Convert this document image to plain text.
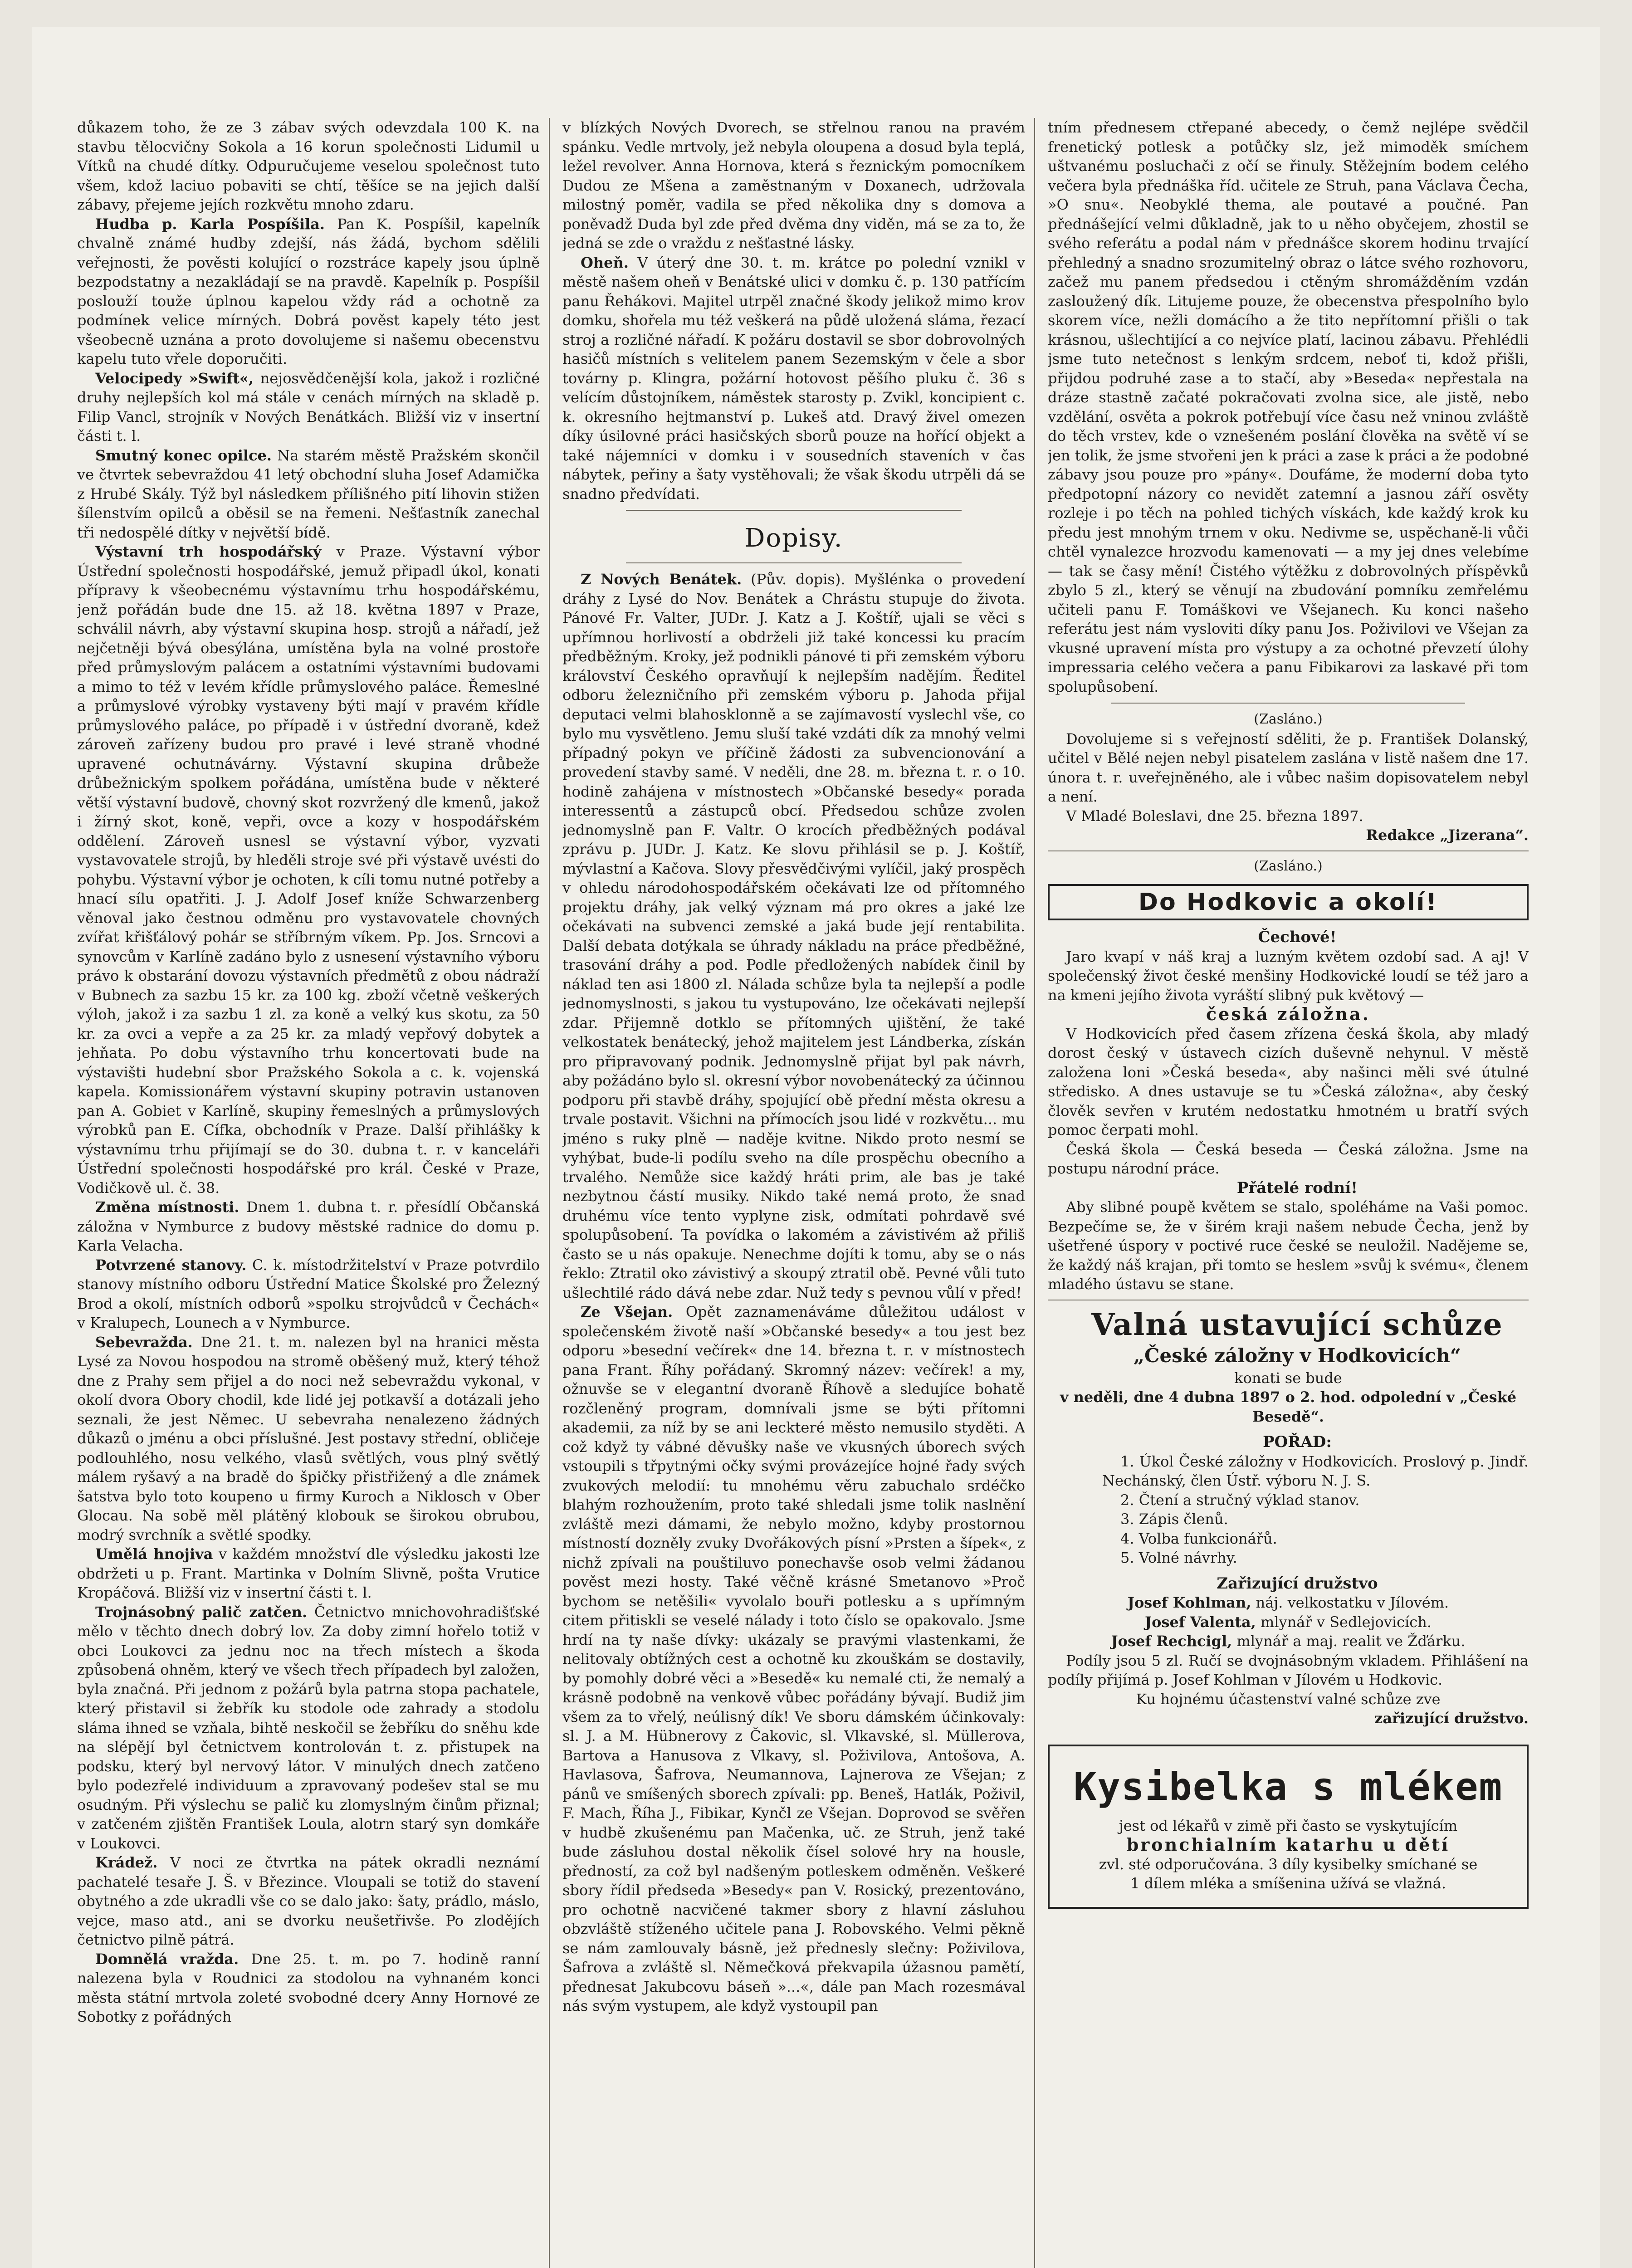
důkazem toho, že ze 3 zábav svých odevzdala 100 K. na stavbu tělocvičny Sokola a 16 korun společnosti Lidumil u Vítků na chudé dítky. Odpuručujeme veselou společnost tuto všem, kdož laciuo pobaviti se chtí, těšíce se na jejich další zábavy, přejeme jejích rozkvětu mnoho zdaru.

Hudba p. Karla Pospíšila. Pan K. Pospíšil, kapelník chvalně známé hudby zdejší, nás žádá, bychom sdělili veřejnosti, že pověsti kolující o rozstráce kapely jsou úplně bezpodstatny a nezakládají se na pravdě. Kapelník p. Pospíšil poslouží touže úplnou kapelou vždy rád a ochotně za podmínek velice mírných. Dobrá pověst kapely této jest všeobecně uznána a proto dovolujeme si našemu obecenstvu kapelu tuto vřele doporučiti.

Velocipedy »Swift«, nejosvědčenější kola, jakož i rozličné druhy nejlepších kol má stále v cenách mírných na skladě p. Filip Vancl, strojník v Nových Benátkách. Bližší viz v insertní části t. l.

Smutný konec opilce. Na starém městě Pražském skončil ve čtvrtek sebevraždou 41 letý obchodní sluha Josef Adamička z Hrubé Skály. Týž byl následkem přílišného pití lihovin stižen šílenstvím opilců a oběsil se na řemeni. Nešťastník zanechal tři nedospělé dítky v největší bídě.

Výstavní trh hospodářský v Praze. Výstavní výbor Ústřední společnosti hospodářské, jemuž připadl úkol, konati přípravy k všeobecnému výstavnímu trhu hospodářskému, jenž pořádán bude dne 15. až 18. května 1897 v Praze, schválil návrh, aby výstavní skupina hosp. strojů a nářadí, jež nejčetněji bývá obesýlána, umístěna byla na volné prostoře před průmyslovým palácem a ostatními výstavními budovami a mimo to též v levém křídle průmyslového paláce. Řemeslné a průmyslové výrobky vystaveny býti mají v pravém křídle průmyslového paláce, po případě i v ústřední dvoraně, kdež zároveň zařízeny budou pro pravé i levé straně vhodné upravené ochutnávárny. Výstavní skupina drůbeže drůbežnickým spolkem pořádána, umístěna bude v některé větší výstavní budově, chovný skot rozvržený dle kmenů, jakož i žírný skot, koně, vepři, ovce a kozy v hospodářském oddělení. Zároveň usnesl se výstavní výbor, vyzvati vystavovatele strojů, by hleděli stroje své při výstavě uvésti do pohybu. Výstavní výbor je ochoten, k cíli tomu nutné potřeby a hnací sílu opatřiti. J. J. Adolf Josef kníže Schwarzenberg věnoval jako čestnou odměnu pro vystavovatele chovných zvířat křišťálový pohár se stříbrným víkem. Pp. Jos. Srncovi a synovcům v Karlíně zadáno bylo z usnesení výstavního výboru právo k obstarání dovozu výstavních předmětů z obou nádraží v Bubnech za sazbu 15 kr. za 100 kg. zboží včetně veškerých výloh, jakož i za sazbu 1 zl. za koně a velký kus skotu, za 50 kr. za ovci a vepře a za 25 kr. za mladý vepřový dobytek a jehňata. Po dobu výstavního trhu koncertovati bude na výstavišti hudební sbor Pražského Sokola a c. k. vojenská kapela. Komissionářem výstavní skupiny potravin ustanoven pan A. Gobiet v Karlíně, skupiny řemeslných a průmyslových výrobků pan E. Cífka, obchodník v Praze. Další přihlášky k výstavnímu trhu přijímají se do 30. dubna t. r. v kanceláři Ústřední společnosti hospodářské pro král. České v Praze, Vodičkově ul. č. 38.

Změna místnosti. Dnem 1. dubna t. r. přesídlí Občanská záložna v Nymburce z budovy městské radnice do domu p. Karla Velacha.

Potvrzené stanovy. C. k. místodržitelství v Praze potvrdilo stanovy místního odboru Ústřední Matice Školské pro Železný Brod a okolí, místních odborů »spolku strojvůdců v Čechách« v Kralupech, Lounech a v Nymburce.

Sebevražda. Dne 21. t. m. nalezen byl na hranici města Lysé za Novou hospodou na stromě oběšený muž, který téhož dne z Prahy sem přijel a do noci než sebevraždu vykonal, v okolí dvora Obory chodil, kde lidé jej potkavší a dotázali jeho seznali, že jest Němec. U sebevraha nenalezeno žádných důkazů o jménu a obci příslušné. Jest postavy střední, obličeje podlouhlého, nosu velkého, vlasů světlých, vous plný světlý málem ryšavý a na bradě do špičky přistřižený a dle známek šatstva bylo toto koupeno u firmy Kuroch a Niklosch v Ober Glocau. Na sobě měl plátěný klobouk se širokou obrubou, modrý svrchník a světlé spodky.

Umělá hnojiva v každém množství dle výsledku jakosti lze obdržeti u p. Frant. Martinka v Dolním Slivně, pošta Vrutice Kropáčová. Bližší viz v insertní části t. l.

Trojnásobný palič zatčen. Četnictvo mnichovohradišťské mělo v těchto dnech dobrý lov. Za doby zimní hořelo totiž v obci Loukovci za jednu noc na třech místech a škoda způsobená ohněm, který ve všech třech případech byl založen, byla značná. Při jednom z požárů byla patrna stopa pachatele, který přistavil si žebřík ku stodole ode zahrady a stodolu sláma ihned se vzňala, bihtě neskočil se žebříku do sněhu kde na slépějí byl četnictvem kontrolován t. z. přistupek na podsku, který byl nervový látor. V minulých dnech zatčeno bylo podezřelé individuum a zpravovaný podešev stal se mu osudným. Při výslechu se palič ku zlomyslným činům přiznal; v zatčeném zjištěn František Loula, alotrn starý syn domkáře v Loukovci.

Krádež. V noci ze čtvrtka na pátek okradli neznámí pachatelé tesaře J. Š. v Březince. Vloupali se totiž do stavení obytného a zde ukradli vše co se dalo jako: šaty, prádlo, máslo, vejce, maso atd., ani se dvorku neušetřivše. Po zlodějích četnictvo pilně pátrá.

Domnělá vražda. Dne 25. t. m. po 7. hodině ranní nalezena byla v Roudnici za stodolou na vyhnaném konci města státní mrtvola zoleté svobodné dcery Anny Hornové ze Sobotky z pořádných

v blízkých Nových Dvorech, se střelnou ranou na pravém spánku. Vedle mrtvoly, jež nebyla oloupena a dosud byla teplá, ležel revolver. Anna Hornova, která s řeznickým pomocníkem Dudou ze Mšena a zaměstnaným v Doxanech, udržovala milostný poměr, vadila se před několika dny s domova a poněvadž Duda byl zde před dvěma dny viděn, má se za to, že jedná se zde o vraždu z nešťastné lásky.

Oheň. V úterý dne 30. t. m. krátce po polední vznikl v městě našem oheň v Benátské ulici v domku č. p. 130 patřícím panu Řehákovi. Majitel utrpěl značné škody jelikož mimo krov domku, shořela mu též veškerá na půdě uložená sláma, řezací stroj a rozličné nářadí. K požáru dostavil se sbor dobrovolných hasičů místních s velitelem panem Sezemským v čele a sbor továrny p. Klingra, požární hotovost pěšího pluku č. 36 s velícím důstojníkem, náměstek starosty p. Zvikl, koncipient c. k. okresního hejtmanství p. Lukeš atd. Dravý živel omezen díky úsilovné práci hasičských sborů pouze na hořící objekt a také nájemníci v domku i v sousedních staveních v čas nábytek, peřiny a šaty vystěhovali; že však škodu utrpěli dá se snadno předvídati.

Dopisy.

Z Nových Benátek. (Pův. dopis). Myšlénka o provedení dráhy z Lysé do Nov. Benátek a Chrástu stupuje do života. Pánové Fr. Valter, JUDr. J. Katz a J. Koštíř, ujali se věci s upřímnou horlivostí a obdrželi již také koncessi ku pracím předběžným. Kroky, jež podnikli pánové ti při zemském výboru království Českého opravňují k nejlepším nadějím. Ředitel odboru železničního při zemském výboru p. Jahoda přijal deputaci velmi blahosklonně a se zajímavostí vyslechl vše, co bylo mu vysvětleno. Jemu sluší také vzdáti dík za mnohý velmi případný pokyn ve příčině žádosti za subvencionování a provedení stavby samé. V neděli, dne 28. m. března t. r. o 10. hodině zahájena v místnostech »Občanské besedy« porada interessentů a zástupců obcí. Předsedou schůze zvolen jednomyslně pan F. Valtr. O krocích předběžných podával zprávu p. JUDr. J. Katz. Ke slovu přihlásil se p. J. Koštíř, mývlastní a Kačova. Slovy přesvědčivými vylíčil, jaký prospěch v ohledu národohospodářském očekávati lze od přítomného projektu dráhy, jak velký význam má pro okres a jaké lze očekávati na subvenci zemské a jaká bude její rentabilita. Další debata dotýkala se úhrady nákladu na práce předběžné, trasování dráhy a pod. Podle předložených nabídek činil by náklad ten asi 1800 zl. Nálada schůze byla ta nejlepší a podle jednomyslnosti, s jakou tu vystupováno, lze očekávati nejlepší zdar. Přijemně dotklo se přítomných ujištění, že také velkostatek benátecký, jehož majitelem jest Lándberka, získán pro připravovaný podnik. Jednomyslně přijat byl pak návrh, aby požádáno bylo sl. okresní výbor novobenátecký za účinnou podporu při stavbě dráhy, spojující obě přední města okresu a trvale postavit. Všichni na přímocích jsou lidé v rozkvětu... mu jméno s ruky plně — naděje kvitne. Nikdo proto nesmí se vyhýbat, bude-li podílu sveho na díle prospěchu obecního a trvalého. Nemůže sice každý hráti prim, ale bas je také nezbytnou částí musiky. Nikdo také nemá proto, že snad druhému více tento vyplyne zisk, odmítati pohrdavě své spolupůsobení. Ta povídka o lakomém a závistivém až přiliš často se u nás opakuje. Nenechme dojíti k tomu, aby se o nás řeklo: Ztratil oko závistivý a skoupý ztratil obě. Pevné vůli tuto ušlechtilé rádo dává nebe zdar. Nuž tedy s pevnou vůlí v před!

Ze Všejan. Opět zaznamenáváme důležitou událost v společenském životě naší »Občanské besedy« a tou jest bez odporu »besední večírek« dne 14. března t. r. v místnostech pana Frant. Říhy pořádaný. Skromný název: večírek! a my, ožnuvše se v elegantní dvoraně Říhově a sledujíce bohatě rozčleněný program, domnívali jsme se býti přítomni akademii, za níž by se ani leckteré město nemusilo styděti. A což když ty vábné děvušky naše ve vkusných úborech svých vstoupili s třpytnými očky svými provázejíce hojné řady svých zvukových melodií: tu mnohému věru zabuchalo srdéčko blahým rozhoužením, proto také shledali jsme tolik naslnění zvláště mezi dámami, že nebylo možno, kdyby prostornou místností dozněly zvuky Dvořákových písní »Prsten a šípek«, z nichž zpívali na pouštiluvo ponechavše osob velmi žádanou pověst mezi hosty. Také věčně krásné Smetanovo »Proč bychom se netěšili« vyvolalo bouři potlesku a s upřímným citem přitiskli se veselé nálady i toto číslo se opakovalo. Jsme hrdí na ty naše dívky: ukázaly se pravými vlastenkami, že nelitovaly obtížných cest a ochotně ku zkouškám se dostavily, by pomohly dobré věci a »Besedě« ku nemalé cti, že nemalý a krásně podobně na venkově vůbec pořádány bývají. Budiž jim všem za to vřelý, neúlisný dík! Ve sboru dámském účinkovaly: sl. J. a M. Hübnerovy z Čakovic, sl. Vlkavské, sl. Müllerova, Bartova a Hanusova z Vlkavy, sl. Poživilova, Antošova, A. Havlasova, Šafrova, Neumannova, Lajnerova ze Všejan; z pánů ve smíšených sborech zpívali: pp. Beneš, Hatlák, Poživil, F. Mach, Říha J., Fibikar, Kynčl ze Všejan. Doprovod se svěřen v hudbě zkušenému pan Mačenka, uč. ze Struh, jenž také bude zásluhou dostal několik čísel solové hry na housle, předností, za což byl nadšeným potleskem odměněn. Veškeré sbory řídil předseda »Besedy« pan V. Rosický, prezentováno, pro ochotně nacvičené takmer sbory z hlavní zásluhou obzvláště stíženého učitele pana J. Robovského. Velmi pěkně se nám zamlouvaly básně, jež přednesly slečny: Poživilova, Šafrova a zvláště sl. Němečková překvapila úžasnou pamětí, přednesat Jakubcovu báseň »...«, dále pan Mach rozesmával nás svým vystupem, ale když vystoupil pan

tním přednesem ctřepané abecedy, o čemž nejlépe svědčil frenetický potlesk a potůčky slz, jež mimoděk smíchem uštvanému posluchači z očí se řinuly. Stěžejním bodem celého večera byla přednáška říd. učitele ze Struh, pana Václava Čecha, »O snu«. Neobyklé thema, ale poutavé a poučné. Pan přednášející velmi důkladně, jak to u něho obyčejem, zhostil se svého referátu a podal nám v přednášce skorem hodinu trvající přehledný a snadno srozumitelný obraz o látce svého rozhovoru, začež mu panem předsedou i ctěným shromážděním vzdán zasloužený dík. Litujeme pouze, že obecenstva přespolního bylo skorem více, nežli domácího a že tito nepřítomní přišli o tak krásnou, ušlechtijící a co nejvíce platí, lacinou zábavu. Přehlédli jsme tuto netečnost s lenkým srdcem, neboť ti, kdož přišli, přijdou podruhé zase a to stačí, aby »Beseda« nepřestala na dráze stastně začaté pokračovati zvolna sice, ale jistě, nebo vzdělání, osvěta a pokrok potřebují více času než vninou zvláště do těch vrstev, kde o vznešeném poslání člověka na světě ví se jen tolik, že jsme stvořeni jen k práci a zase k práci a že podobné zábavy jsou pouze pro »pány«. Doufáme, že moderní doba tyto předpotopní názory co nevidět zatemní a jasnou září osvěty rozleje i po těch na pohled tichých vískách, kde každý krok ku předu jest mnohým trnem v oku. Nedivme se, uspěchaně-li vůči chtěl vynalezce hrozvodu kamenovati — a my jej dnes velebíme — tak se časy mění! Čistého výtěžku z dobrovolných příspěvků zbylo 5 zl., který se věnují na zbudování pomníku zemřelému učiteli panu F. Tomáškovi ve Všejanech. Ku konci našeho referátu jest nám vysloviti díky panu Jos. Poživilovi ve Všejan za vkusné upravení místa pro výstupy a za ochotné převzetí úlohy impressaria celého večera a panu Fibikarovi za laskavé při tom spolupůsobení.

(Zasláno.)

Dovolujeme si s veřejností sděliti, že p. František Dolanský, učitel v Bělé nejen nebyl pisatelem zaslána v listě našem dne 17. února t. r. uveřejněného, ale i vůbec našim dopisovatelem nebyl a není.

V Mladé Boleslavi, dne 25. března 1897.

Redakce „Jizerana“.

(Zasláno.)

Do Hodkovic a okolí!

Čechové!

Jaro kvapí v náš kraj a luzným květem ozdobí sad. A aj! V společenský život české menšiny Hodkovické loudí se též jaro a na kmeni jejího života vyráští slibný puk květový —

česká záložna.

V Hodkovicích před časem zřízena česká škola, aby mladý dorost český v ústavech cizích duševně nehynul. V městě založena loni »Česká beseda«, aby našinci měli své útulné středisko. A dnes ustavuje se tu »Česká záložna«, aby český člověk sevřen v krutém nedostatku hmotném u bratří svých pomoc čerpati mohl.

Česká škola — Česká beseda — Česká záložna. Jsme na postupu národní práce.

Přátelé rodní!

Aby slibné poupě květem se stalo, spoléháme na Vaši pomoc. Bezpečíme se, že v širém kraji našem nebude Čecha, jenž by ušetřené úspory v poctivé ruce české se neuložil. Nadějeme se, že každý náš krajan, při tomto se heslem »svůj k svému«, členem mladého ústavu se stane.

Valná ustavující schůze

„České záložny v Hodkovicích“

konati se bude

v neděli, dne 4 dubna 1897 o 2. hod. odpolední v „České Besedě“.

POŘAD:

1. Úkol České záložny v Hodkovicích. Proslový p. Jindř. Nechánský, člen Ústř. výboru N. J. S.

2. Čtení a stručný výklad stanov.

3. Zápis členů.

4. Volba funkcionářů.

5. Volné návrhy.

Zařizující družstvo

Josef Kohlman, náj. velkostatku v Jílovém.

Josef Valenta, mlynář v Sedlejovicích.

Josef Rechcigl, mlynář a maj. realit ve Žďárku.

Podíly jsou 5 zl. Ručí se dvojnásobným vkladem. Přihlášení na podíly přijímá p. Josef Kohlman v Jílovém u Hodkovic.

Ku hojnému účastenství valné schůze zve

zařizující družstvo.

Kysibelka s mlékem

jest od lékařů v zimě při často se vyskytujícím

bronchialním katarhu u dětí

zvl. sté odporučována. 3 díly kysibelky smíchané se

1 dílem mléka a smíšenina užívá se vlažná.
